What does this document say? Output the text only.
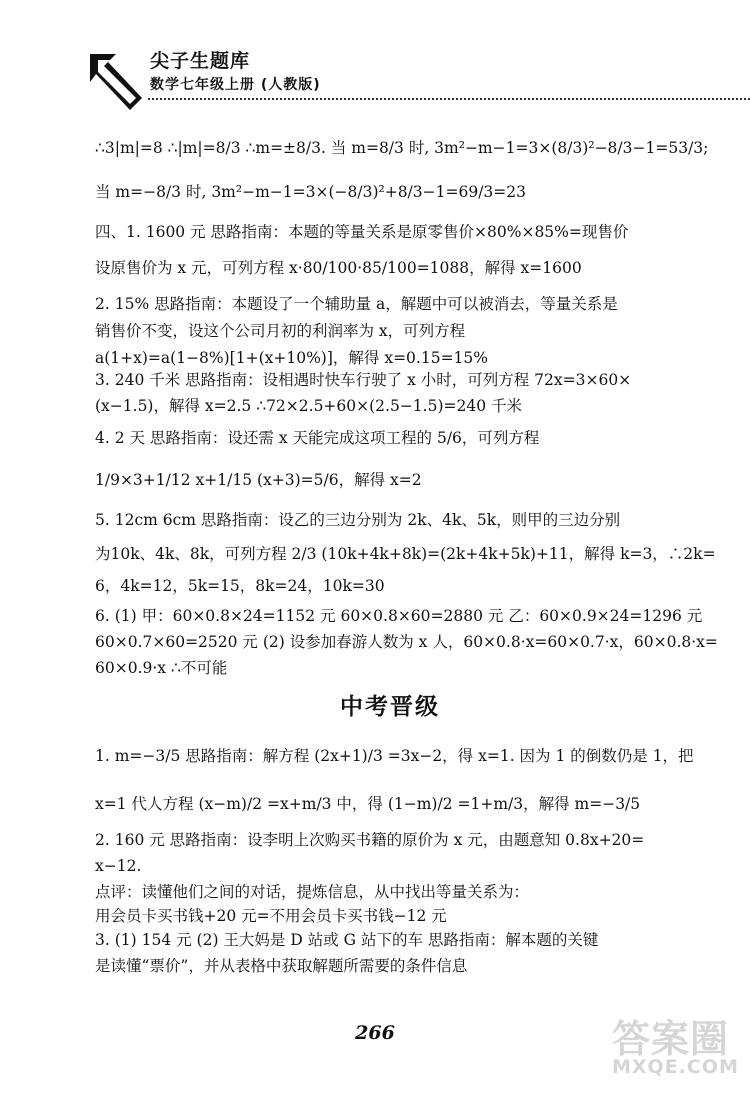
尖子生题库
数学七年级上册 (人教版)
∴3|m|=8 ∴|m|=8/3 ∴m=±8/3. 当 m=8/3 时, 3m²−m−1=3×(8/3)²−8/3−1=53/3;
当 m=−8/3 时, 3m²−m−1=3×(−8/3)²+8/3−1=69/3=23
四、1. 1600 元 思路指南：本题的等量关系是原零售价×80%×85%=现售价
设原售价为 x 元，可列方程 x·80/100·85/100=1088，解得 x=1600
2. 15% 思路指南：本题设了一个辅助量 a，解题中可以被消去，等量关系是
销售价不变，设这个公司月初的利润率为 x，可列方程
a(1+x)=a(1−8%)[1+(x+10%)]，解得 x=0.15=15%
3. 240 千米 思路指南：设相遇时快车行驶了 x 小时，可列方程 72x=3×60×
(x−1.5)，解得 x=2.5 ∴72×2.5+60×(2.5−1.5)=240 千米
4. 2 天 思路指南：设还需 x 天能完成这项工程的 5/6，可列方程
1/9×3+1/12 x+1/15 (x+3)=5/6，解得 x=2
5. 12cm 6cm 思路指南：设乙的三边分别为 2k、4k、5k，则甲的三边分别
为10k、4k、8k，可列方程 2/3 (10k+4k+8k)=(2k+4k+5k)+11，解得 k=3，∴2k=
6，4k=12，5k=15，8k=24，10k=30
6. (1) 甲：60×0.8×24=1152 元 60×0.8×60=2880 元 乙：60×0.9×24=1296 元
60×0.7×60=2520 元 (2) 设参加春游人数为 x 人，60×0.8·x=60×0.7·x，60×0.8·x=
60×0.9·x ∴不可能
中考晋级
1. m=−3/5 思路指南：解方程 (2x+1)/3 =3x−2，得 x=1. 因为 1 的倒数仍是 1，把
x=1 代人方程 (x−m)/2 =x+m/3 中，得 (1−m)/2 =1+m/3，解得 m=−3/5
2. 160 元 思路指南：设李明上次购买书籍的原价为 x 元，由题意知 0.8x+20=
x−12.
点评：读懂他们之间的对话，提炼信息，从中找出等量关系为：
用会员卡买书钱+20 元=不用会员卡买书钱−12 元
3. (1) 154 元 (2) 王大妈是 D 站或 G 站下的车 思路指南：解本题的关键
是读懂“票价”，并从表格中获取解题所需要的条件信息
266	答案圈
MXQE.COM
